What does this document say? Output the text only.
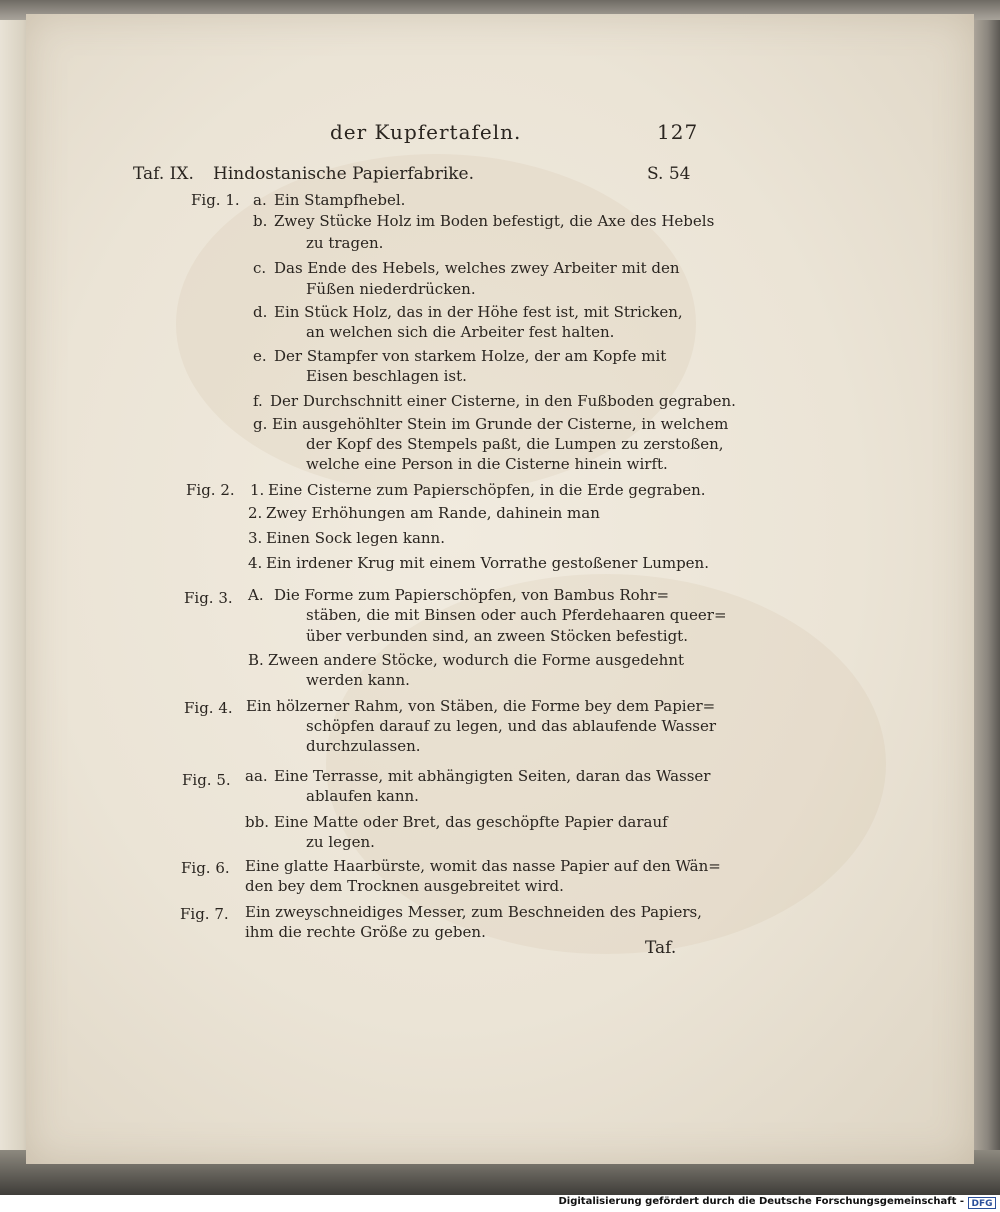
der Kupfertafeln.	127
Taf. IX. Hindostanische Papierfabrike.	S. 54
Fig. 1. a. Ein Stampfhebel.
b. Zwey Stücke Holz im Boden befestigt, die Axe des Hebels
zu tragen.
c. Das Ende des Hebels, welches zwey Arbeiter mit den
Füßen niederdrücken.
d. Ein Stück Holz, das in der Höhe fest ist, mit Stricken,
an welchen sich die Arbeiter fest halten.
e. Der Stampfer von starkem Holze, der am Kopfe mit
Eisen beschlagen ist.
f. Der Durchschnitt einer Cisterne, in den Fußboden gegraben.
g. Ein ausgehöhlter Stein im Grunde der Cisterne, in welchem
der Kopf des Stempels paßt, die Lumpen zu zerstoßen,
welche eine Person in die Cisterne hinein wirft.
Fig. 2. 1. Eine Cisterne zum Papierschöpfen, in die Erde gegraben.
2. Zwey Erhöhungen am Rande, dahinein man
3. Einen Sock legen kann.
4. Ein irdener Krug mit einem Vorrathe gestoßener Lumpen.
Fig. 3. A. Die Forme zum Papierschöpfen, von Bambus Rohr=
stäben, die mit Binsen oder auch Pferdehaaren queer=
über verbunden sind, an zween Stöcken befestigt.
B. Zween andere Stöcke, wodurch die Forme ausgedehnt
werden kann.
Fig. 4. Ein hölzerner Rahm, von Stäben, die Forme bey dem Papier=
schöpfen darauf zu legen, und das ablaufende Wasser
durchzulassen.
Fig. 5. aa. Eine Terrasse, mit abhängigten Seiten, daran das Wasser
ablaufen kann.
bb. Eine Matte oder Bret, das geschöpfte Papier darauf
zu legen.
Fig. 6. Eine glatte Haarbürste, womit das nasse Papier auf den Wän=
den bey dem Trocknen ausgebreitet wird.
Fig. 7. Ein zweyschneidiges Messer, zum Beschneiden des Papiers,
ihm die rechte Größe zu geben.
Taf.
Digitalisierung gefördert durch die Deutsche Forschungsgemeinschaft - DFG
